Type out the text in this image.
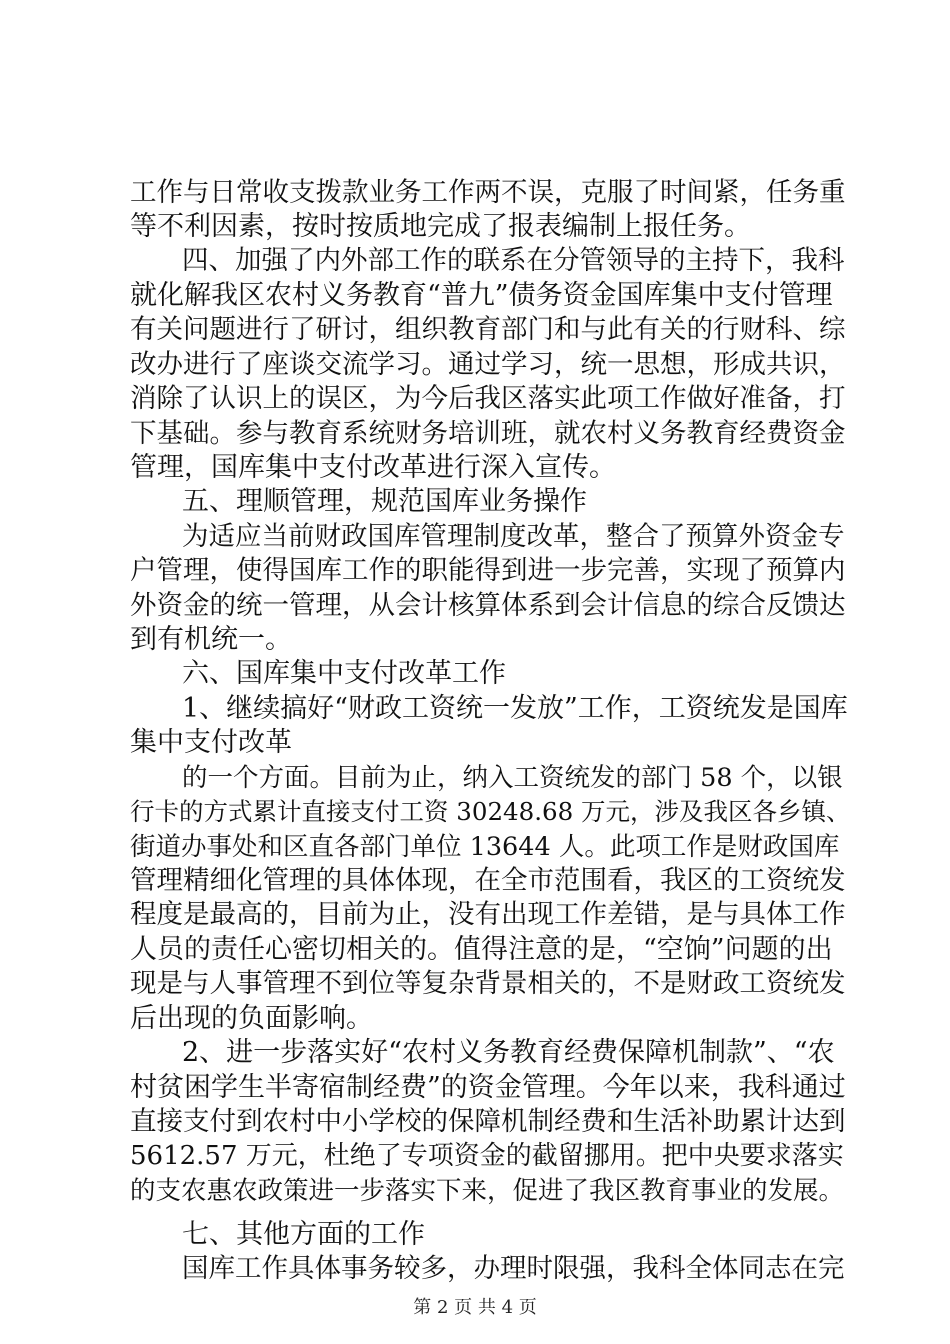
工作与日常收支拨款业务工作两不误，克服了时间紧，任务重
等不利因素，按时按质地完成了报表编制上报任务。
四、加强了内外部工作的联系在分管领导的主持下，我科
就化解我区农村义务教育“普九”债务资金国库集中支付管理
有关问题进行了研讨，组织教育部门和与此有关的行财科、综
改办进行了座谈交流学习。通过学习，统一思想，形成共识，
消除了认识上的误区，为今后我区落实此项工作做好准备，打
下基础。参与教育系统财务培训班，就农村义务教育经费资金
管理，国库集中支付改革进行深入宣传。
五、理顺管理，规范国库业务操作
为适应当前财政国库管理制度改革，整合了预算外资金专
户管理，使得国库工作的职能得到进一步完善，实现了预算内
外资金的统一管理，从会计核算体系到会计信息的综合反馈达
到有机统一。
六、国库集中支付改革工作
1、继续搞好“财政工资统一发放”工作，工资统发是国库
集中支付改革
的一个方面。目前为止，纳入工资统发的部门 58 个，以银
行卡的方式累计直接支付工资 30248.68 万元，涉及我区各乡镇、
街道办事处和区直各部门单位 13644 人。此项工作是财政国库
管理精细化管理的具体体现，在全市范围看，我区的工资统发
程度是最高的，目前为止，没有出现工作差错，是与具体工作
人员的责任心密切相关的。值得注意的是，“空饷”问题的出
现是与人事管理不到位等复杂背景相关的，不是财政工资统发
后出现的负面影响。
2、进一步落实好“农村义务教育经费保障机制款”、“农
村贫困学生半寄宿制经费”的资金管理。今年以来，我科通过
直接支付到农村中小学校的保障机制经费和生活补助累计达到
5612.57 万元，杜绝了专项资金的截留挪用。把中央要求落实
的支农惠农政策进一步落实下来，促进了我区教育事业的发展。
七、其他方面的工作
国库工作具体事务较多，办理时限强，我科全体同志在完
第 2 页 共 4 页
